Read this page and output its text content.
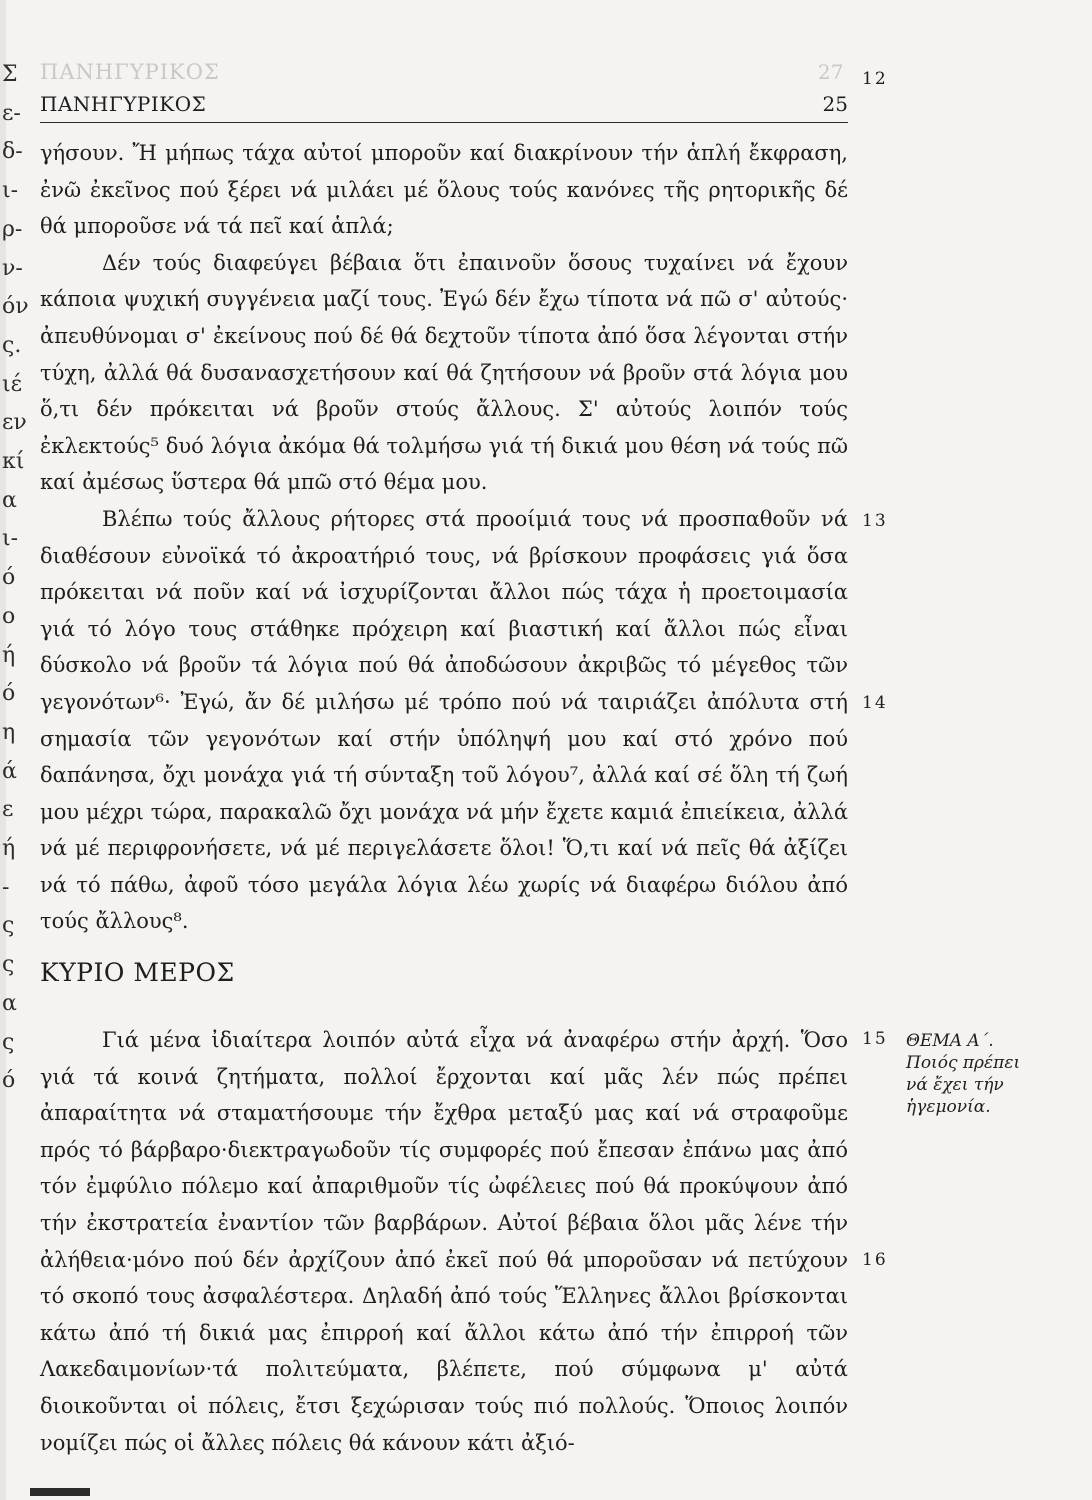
ΠΑΝΗΓΥΡΙΚΟΣ	27
Σ
ε-
δ-
ι-
ρ-
ν-
όν
ς.
ιέ
εν
κί
α
ι-
ό
ο
ή
ό
η
ά
ε
ή
-
ς
ς
α
ς
ό
ΠΑΝΗΓΥΡΙΚΟΣ	25

γήσουν. Ἤ μήπως τάχα αὐτοί μποροῦν καί διακρίνουν τήν ἁπλή ἔκφραση, ἐνῶ ἐκεῖνος πού ξέρει νά μιλάει μέ ὅλους τούς κανόνες τῆς ρητορικῆς δέ θά μποροῦσε νά τά πεῖ καί ἁπλά;

Δέν τούς διαφεύγει βέβαια ὅτι ἐπαινοῦν ὅσους τυχαίνει νά ἔχουν κάποια ψυχική συγγένεια μαζί τους. Ἐγώ δέν ἔχω τίποτα νά πῶ σ' αὐτούς· ἀπευθύνομαι σ' ἐκείνους πού δέ θά δεχτοῦν τίποτα ἀπό ὅσα λέγονται στήν τύχη, ἀλλά θά δυσανασχετήσουν καί θά ζητήσουν νά βροῦν στά λόγια μου ὅ,τι δέν πρόκειται νά βροῦν στούς ἄλλους. Σ' αὐτούς λοιπόν τούς ἐκλεκτούς⁵ δυό λόγια ἀκόμα θά τολμήσω γιά τή δικιά μου θέση νά τούς πῶ καί ἀμέσως ὕστερα θά μπῶ στό θέμα μου.

Βλέπω τούς ἄλλους ρήτορες στά προοίμιά τους νά προσπαθοῦν νά διαθέσουν εὐνοϊκά τό ἀκροατήριό τους, νά βρίσκουν προφάσεις γιά ὅσα πρόκειται νά ποῦν καί νά ἰσχυρίζονται ἄλλοι πώς τάχα ἡ προετοιμασία γιά τό λόγο τους στάθηκε πρόχειρη καί βιαστική καί ἄλλοι πώς εἶναι δύσκολο νά βροῦν τά λόγια πού θά ἀποδώσουν ἀκριβῶς τό μέγεθος τῶν γεγονότων⁶· Ἐγώ, ἄν δέ μιλήσω μέ τρόπο πού νά ταιριάζει ἀπόλυτα στή σημασία τῶν γεγονότων καί στήν ὑπόληψή μου καί στό χρόνο πού δαπάνησα, ὄχι μονάχα γιά τή σύνταξη τοῦ λόγου⁷, ἀλλά καί σέ ὅλη τή ζωή μου μέχρι τώρα, παρακαλῶ ὄχι μονάχα νά μήν ἔχετε καμιά ἐπιείκεια, ἀλλά νά μέ περιφρονήσετε, νά μέ περιγελάσετε ὅλοι! Ὅ,τι καί νά πεῖς θά ἀξίζει νά τό πάθω, ἀφοῦ τόσο μεγάλα λόγια λέω χωρίς νά διαφέρω διόλου ἀπό τούς ἄλλους⁸.

ΚΥΡΙΟ ΜΕΡΟΣ

Γιά μένα ἰδιαίτερα λοιπόν αὐτά εἶχα νά ἀναφέρω στήν ἀρχή. Ὅσο γιά τά κοινά ζητήματα, πολλοί ἔρχονται καί μᾶς λέν πώς πρέπει ἀπαραίτητα νά σταματήσουμε τήν ἔχθρα μεταξύ μας καί νά στραφοῦμε πρός τό βάρβαρο·διεκτραγωδοῦν τίς συμφορές πού ἔπεσαν ἐπάνω μας ἀπό τόν ἐμφύλιο πόλεμο καί ἀπαριθμοῦν τίς ὠφέλειες πού θά προκύψουν ἀπό τήν ἐκστρατεία ἐναντίον τῶν βαρβάρων. Αὐτοί βέβαια ὅλοι μᾶς λένε τήν ἀλήθεια·μόνο πού δέν ἀρχίζουν ἀπό ἐκεῖ πού θά μποροῦσαν νά πετύχουν τό σκοπό τους ἀσφαλέστερα. Δηλαδή ἀπό τούς Ἕλληνες ἄλλοι βρίσκονται κάτω ἀπό τή δικιά μας ἐπιρροή καί ἄλλοι κάτω ἀπό τήν ἐπιρροή τῶν Λακεδαιμονίων·τά πολιτεύματα, βλέπετε, πού σύμφωνα μ' αὐτά διοικοῦνται οἱ πόλεις, ἔτσι ξεχώρισαν τούς πιό πολλούς. Ὅποιος λοιπόν νομίζει πώς οἱ ἄλλες πόλεις θά κάνουν κάτι ἀξιό-

12
13
14
15
16
ΘΕΜΑ Α΄.
Ποιός πρέπει
νά ἔχει τήν
ἡγεμονία.
